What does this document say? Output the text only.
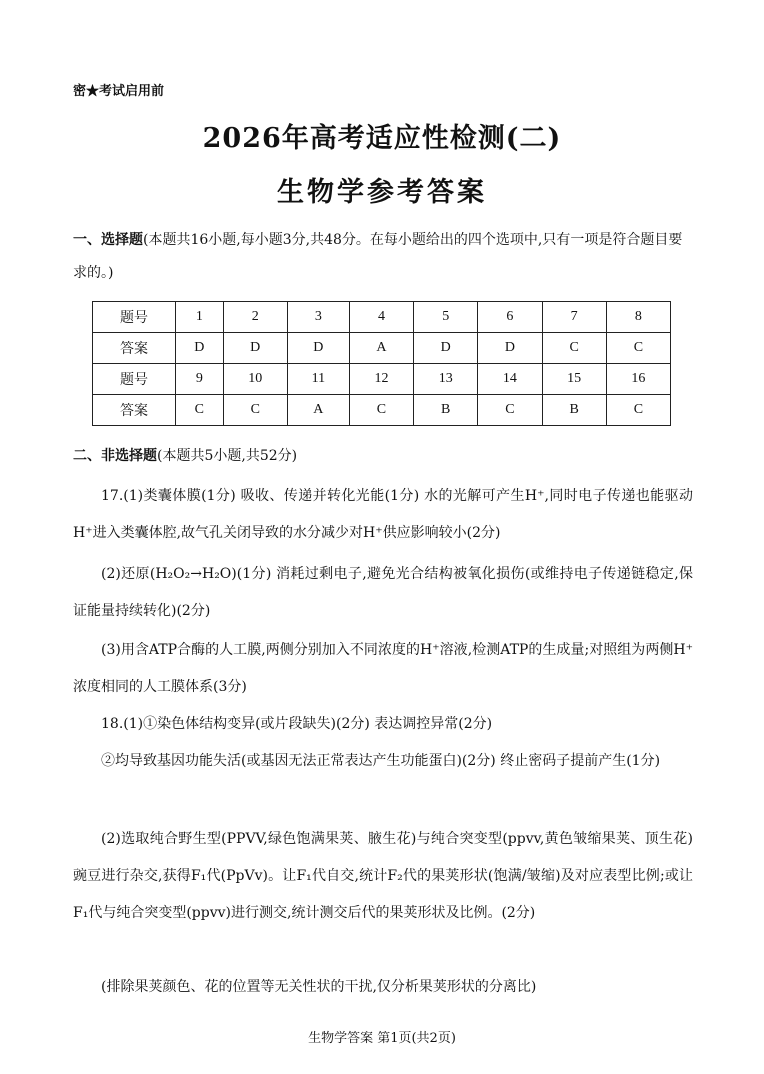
密★考试启用前
2026年高考适应性检测(二)
生物学参考答案
一、选择题(本题共16小题,每小题3分,共48分。在每小题给出的四个选项中,只有一项是符合题目要求的。)
题号	1	2	3	4	5	6	7	8
答案	D	D	D	A	D	D	C	C
题号	9	10	11	12	13	14	15	16
答案	C	C	A	C	B	C	B	C
二、非选择题(本题共5小题,共52分)
17.(1)类囊体膜(1分) 吸收、传递并转化光能(1分) 水的光解可产生H⁺,同时电子传递也能驱动H⁺进入类囊体腔,故气孔关闭导致的水分减少对H⁺供应影响较小(2分)
(2)还原(H₂O₂→H₂O)(1分) 消耗过剩电子,避免光合结构被氧化损伤(或维持电子传递链稳定,保证能量持续转化)(2分)
(3)用含ATP合酶的人工膜,两侧分别加入不同浓度的H⁺溶液,检测ATP的生成量;对照组为两侧H⁺浓度相同的人工膜体系(3分)
18.(1)①染色体结构变异(或片段缺失)(2分) 表达调控异常(2分)
②均导致基因功能失活(或基因无法正常表达产生功能蛋白)(2分) 终止密码子提前产生(1分)
(2)选取纯合野生型(PPVV,绿色饱满果荚、腋生花)与纯合突变型(ppvv,黄色皱缩果荚、顶生花)豌豆进行杂交,获得F₁代(PpVv)。让F₁代自交,统计F₂代的果荚形状(饱满/皱缩)及对应表型比例;或让F₁代与纯合突变型(ppvv)进行测交,统计测交后代的果荚形状及比例。(2分)
(排除果荚颜色、花的位置等无关性状的干扰,仅分析果荚形状的分离比)
生物学答案 第1页(共2页)
